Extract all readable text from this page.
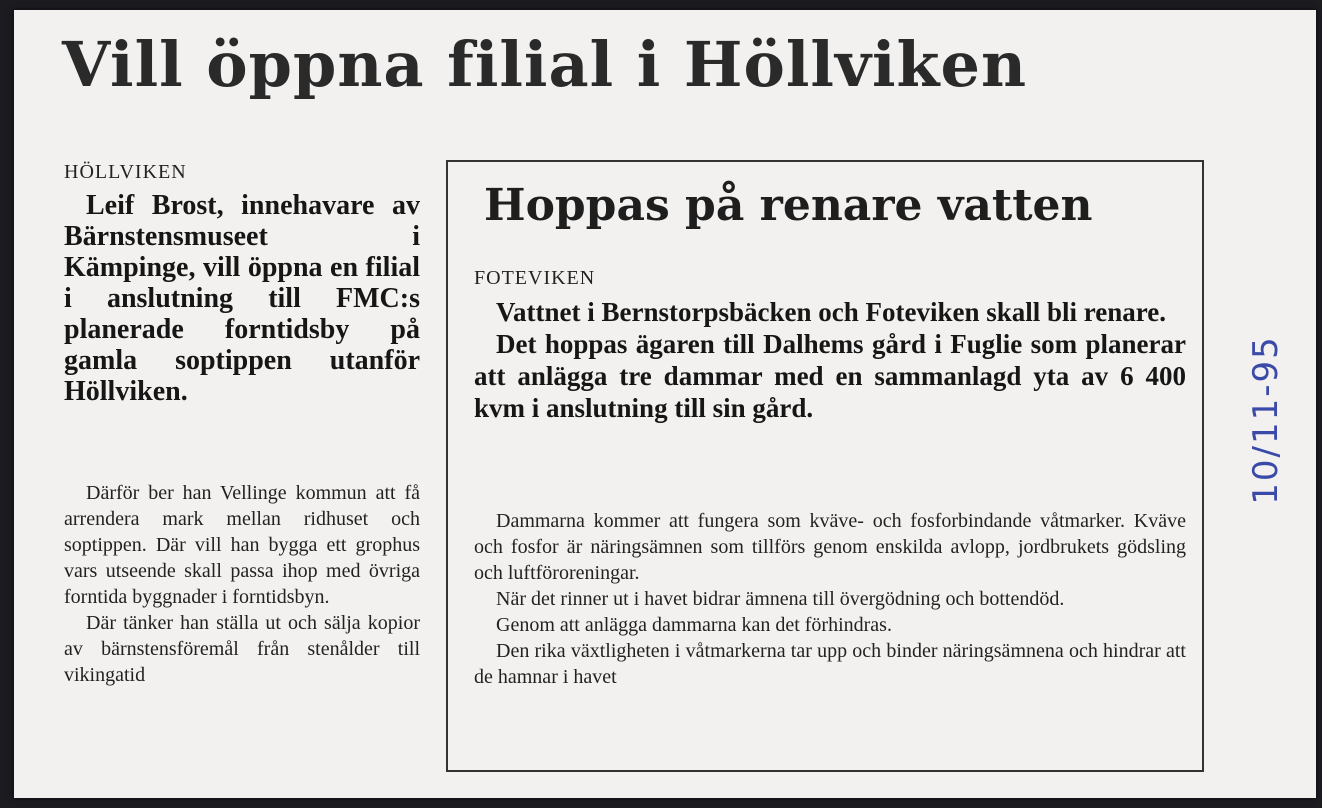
Vill öppna filial i Höllviken
HÖLLVIKEN

Leif Brost, innehavare av Bärnstensmuseet i Kämpinge, vill öppna en filial i anslutning till FMC:s planerade forntidsby på gamla soptippen utanför Höllviken.

Därför ber han Vellinge kommun att få arrendera mark mellan ridhuset och soptippen. Där vill han bygga ett grophus vars utseende skall passa ihop med övriga forntida byggnader i forntidsbyn.

Där tänker han ställa ut och sälja kopior av bärnstensföremål från stenålder till vikingatid

Hoppas på renare vatten
FOTEVIKEN

Vattnet i Bernstorpsbäcken och Foteviken skall bli renare.

Det hoppas ägaren till Dalhems gård i Fuglie som planerar att anlägga tre dammar med en sammanlagd yta av 6 400 kvm i anslutning till sin gård.

Dammarna kommer att fungera som kväve- och fosforbindande våtmarker. Kväve och fosfor är näringsämnen som tillförs genom enskilda avlopp, jordbrukets gödsling och luftföroreningar.

När det rinner ut i havet bidrar ämnena till övergödning och bottendöd.

Genom att anlägga dammarna kan det förhindras.

Den rika växtligheten i våtmarkerna tar upp och binder näringsämnena och hindrar att de hamnar i havet

10/11-95
